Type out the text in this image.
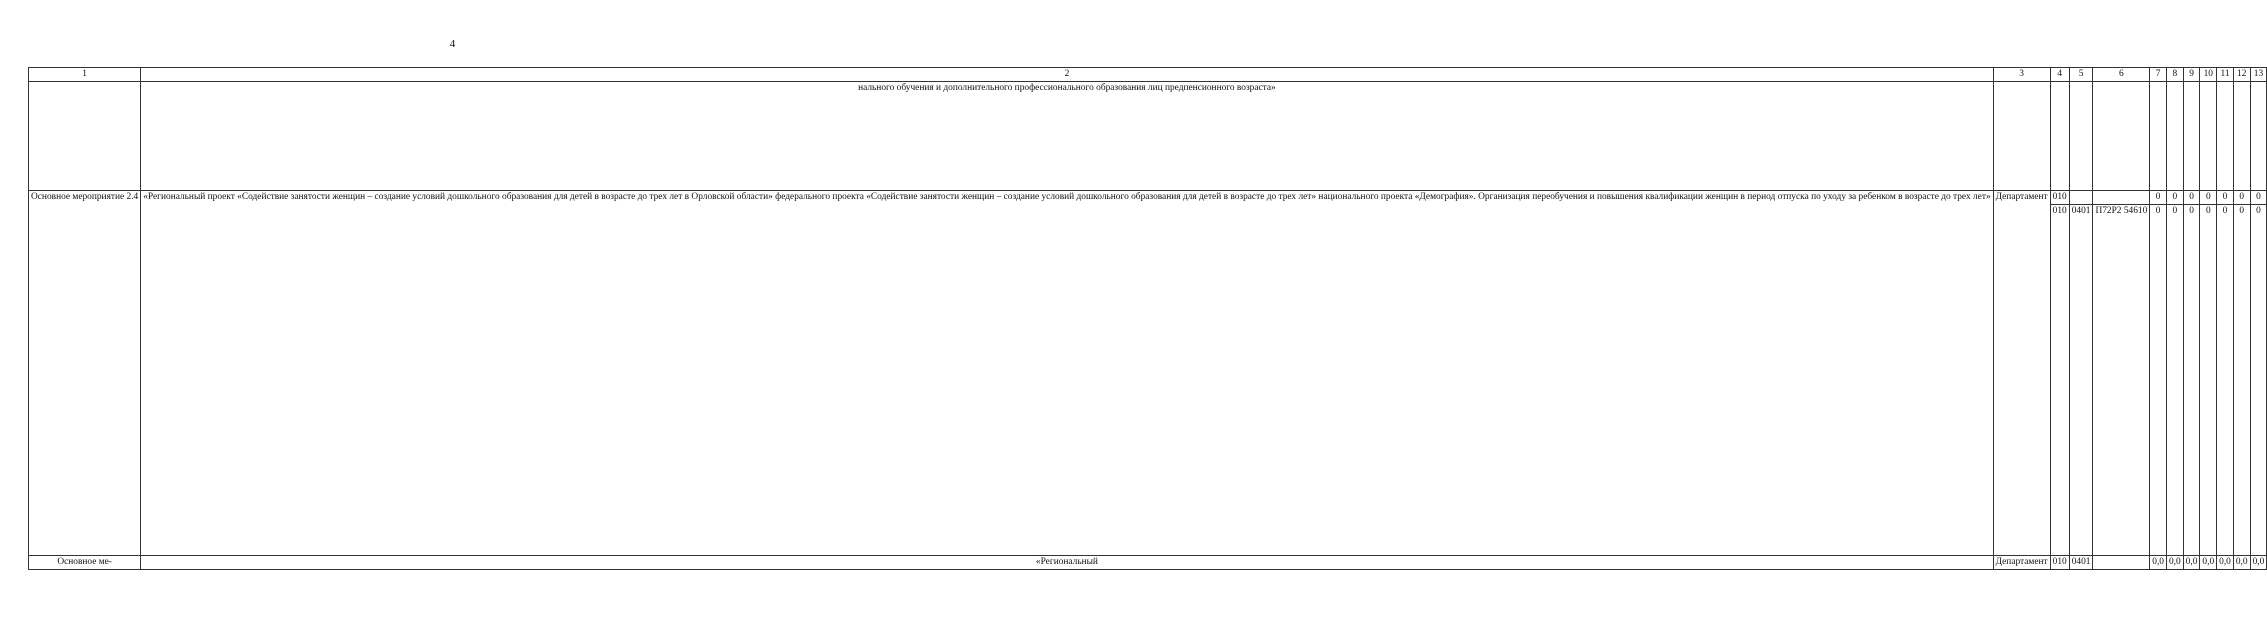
4
1	2	3	4	5	6	7	8	9	10	11	12	13
	нального обучения и дополнительного профессионального образования лиц предпенсионного возраста»											
Основное мероприятие 2.4	«Региональный проект «Содействие занятости женщин – создание условий дошкольного образования для детей в возрасте до трех лет в Орловской области» федерального проекта «Содействие занятости женщин – создание условий дошкольного образования для детей в возрасте до трех лет» национального проекта «Демография». Организация переобучения и повышения квалификации женщин в период отпуска по уходу за ребенком в возрасте до трех лет»	Департамент	010			0	0	0	0	0	0	0
			010	0401	П72Р2 54610	0	0	0	0	0	0	0
Основное ме-	«Региональный	Департамент	010	0401		0,0	0,0	0,0	0,0	0,0	0,0	0,0
